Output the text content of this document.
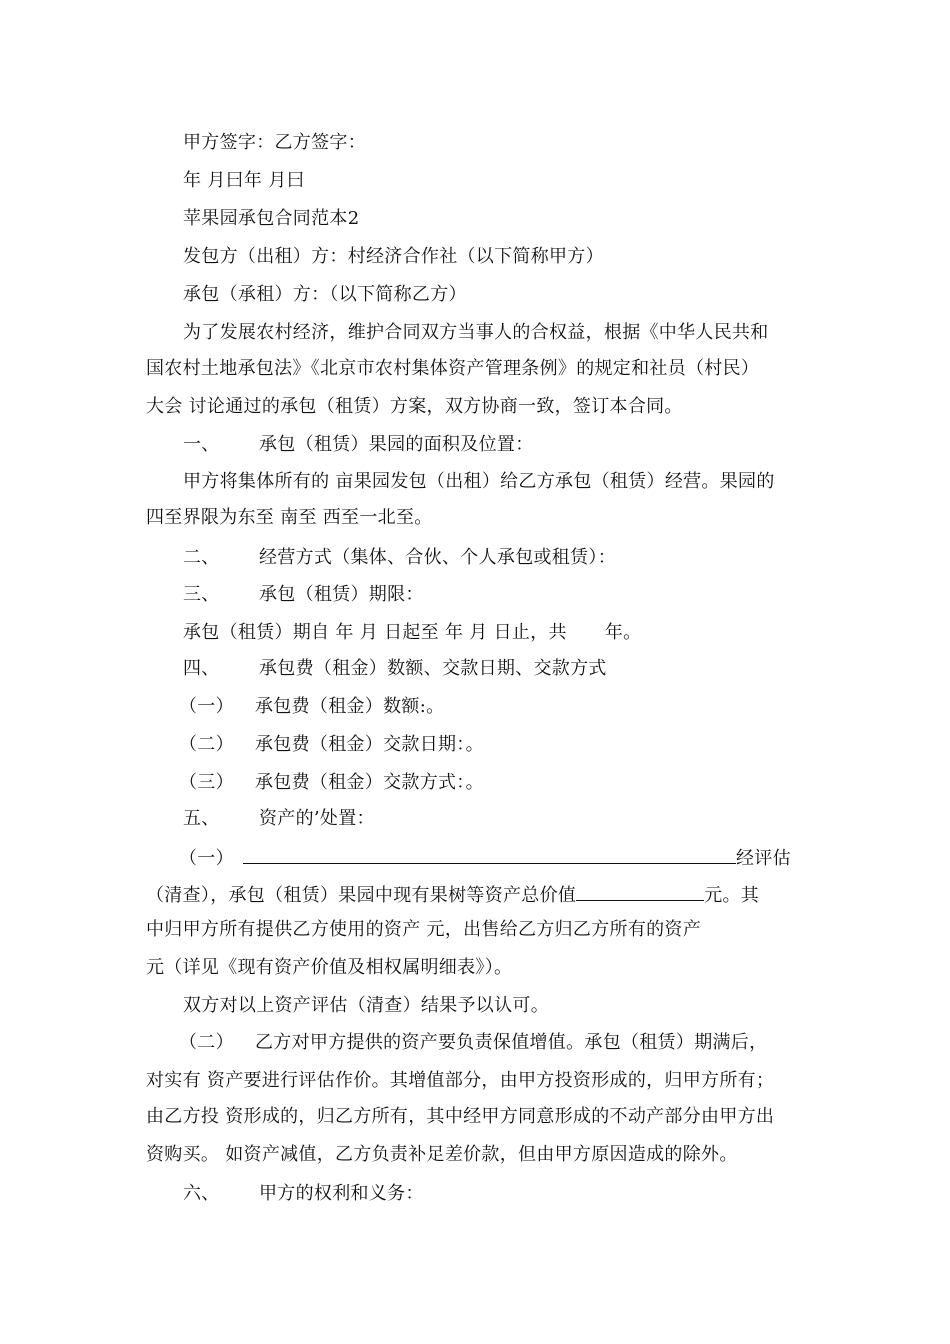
甲方签字：乙方签字：
年 月曰年 月曰
苹果园承包合同范本2
发包方（出租）方：村经济合作社（以下简称甲方）
承包（承租）方：（以下简称乙方）
为了发展农村经济，维护合同双方当事人的合权益，根据《中华人民共和
国农村土地承包法》《北京市农村集体资产管理条例》的规定和社员（村民）
大会 讨论通过的承包（租赁）方案，双方协商一致，签订本合同。
一、 承包（租赁）果园的面积及位置：
甲方将集体所有的 亩果园发包（出租）给乙方承包（租赁）经营。果园的
四至界限为东至 南至 西至一北至。
二、 经营方式（集体、合伙、个人承包或租赁）：
三、 承包（租赁）期限：
承包（租赁）期自 年 月 日起至 年 月 日止，共 年。
四、 承包费（租金）数额、交款日期、交款方式
（一） 承包费（租金）数额:。
（二） 承包费（租金）交款日期：。
（三） 承包费（租金）交款方式：。
五、 资产的’处置：
（一）	经评估
（清查），承包（租赁）果园中现有果树等资产总价值	元。其
中归甲方所有提供乙方使用的资产 元，出售给乙方归乙方所有的资产
元（详见《现有资产价值及相权属明细表》）。
双方对以上资产评估（清查）结果予以认可。
（二） 乙方对甲方提供的资产要负责保值增值。承包（租赁）期满后，
对实有 资产要进行评估作价。其增值部分，由甲方投资形成的，归甲方所有；
由乙方投 资形成的，归乙方所有，其中经甲方同意形成的不动产部分由甲方出
资购买。 如资产减值，乙方负责补足差价款，但由甲方原因造成的除外。
六、 甲方的权利和义务：
